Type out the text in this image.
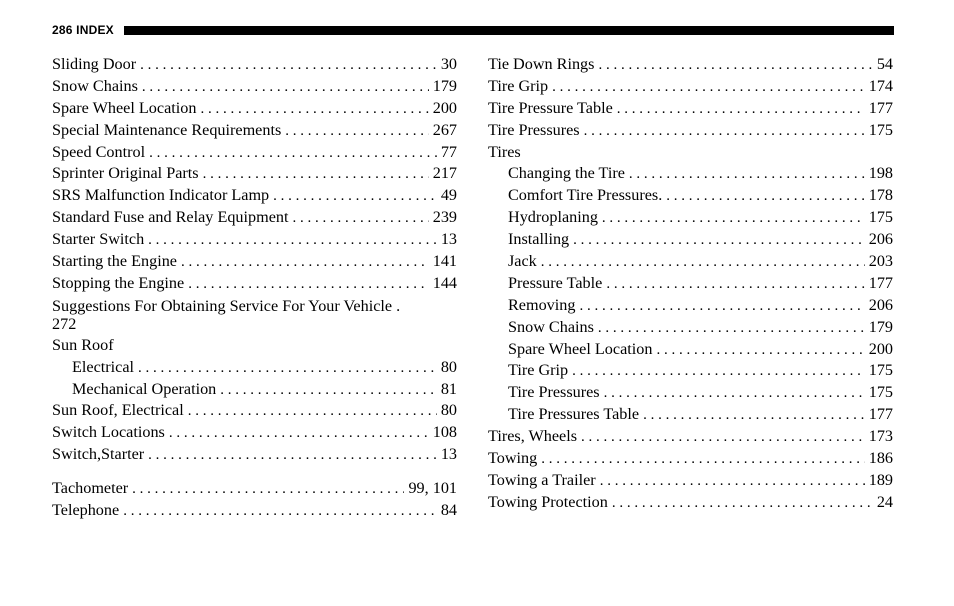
286 INDEX
Sliding Door . . .	30
Snow Chains . . .	179
Spare Wheel Location . . .	200
Special Maintenance Requirements . . .	267
Speed Control . . .	77
Sprinter Original Parts . . .	217
SRS Malfunction Indicator Lamp . . .	49
Standard Fuse and Relay Equipment . . .	239
Starter Switch . . .	13
Starting the Engine . . .	141
Stopping the Engine . . .	144
Suggestions For Obtaining Service For Your Vehicle .
272
Sun Roof
Electrical . . .	80
Mechanical Operation . . .	81
Sun Roof, Electrical . . .	80
Switch Locations . . .	108
Switch,Starter . . .	13
Tachometer . . .	99, 101
Telephone . . .	84
Tie Down Rings . . .	54
Tire Grip . . .	174
Tire Pressure Table . . .	177
Tire Pressures . . .	175
Tires
Changing the Tire . . .	198
Comfort Tire Pressures. . . .	178
Hydroplaning . . .	175
Installing . . .	206
Jack . . .	203
Pressure Table . . .	177
Removing . . .	206
Snow Chains . . .	179
Spare Wheel Location . . .	200
Tire Grip . . .	175
Tire Pressures . . .	175
Tire Pressures Table . . .	177
Tires, Wheels . . .	173
Towing . . .	186
Towing a Trailer . . .	189
Towing Protection . . .	24
